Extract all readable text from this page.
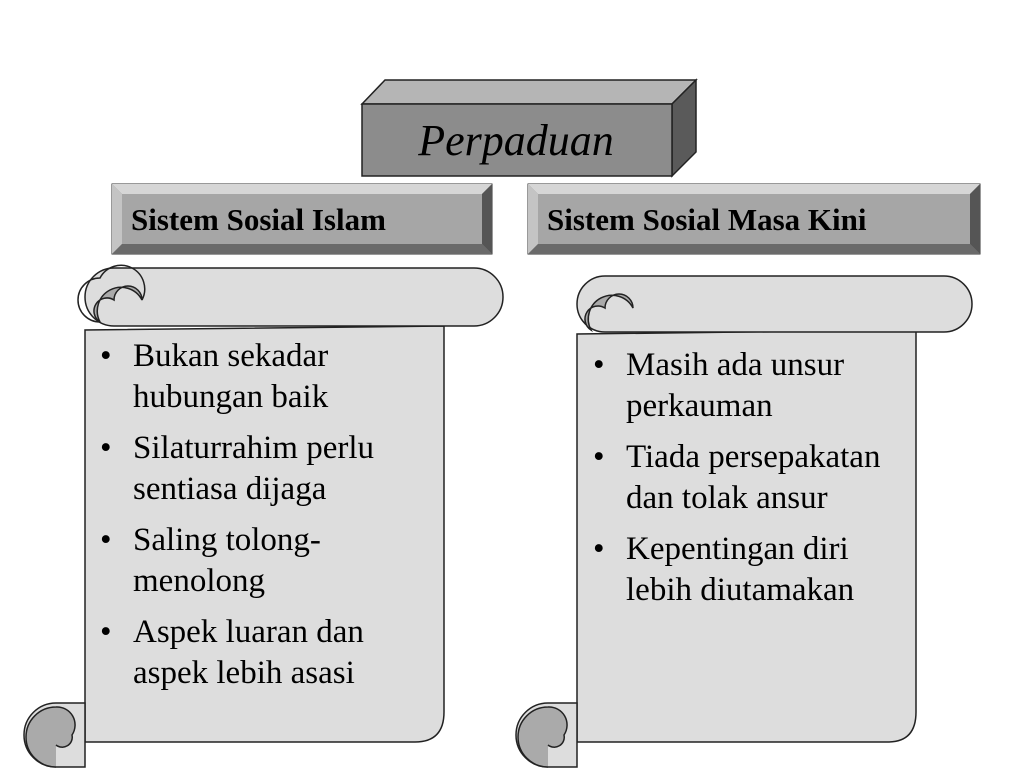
Perpaduan
Sistem Sosial Islam	Sistem Sosial Masa Kini
• Bukan sekadar hubungan baik
• Silaturrahim perlu sentiasa dijaga
• Saling tolong-menolong
• Aspek luaran dan aspek lebih asasi
• Masih ada unsur perkauman
• Tiada persepakatan dan tolak ansur
• Kepentingan diri lebih diutamakan
